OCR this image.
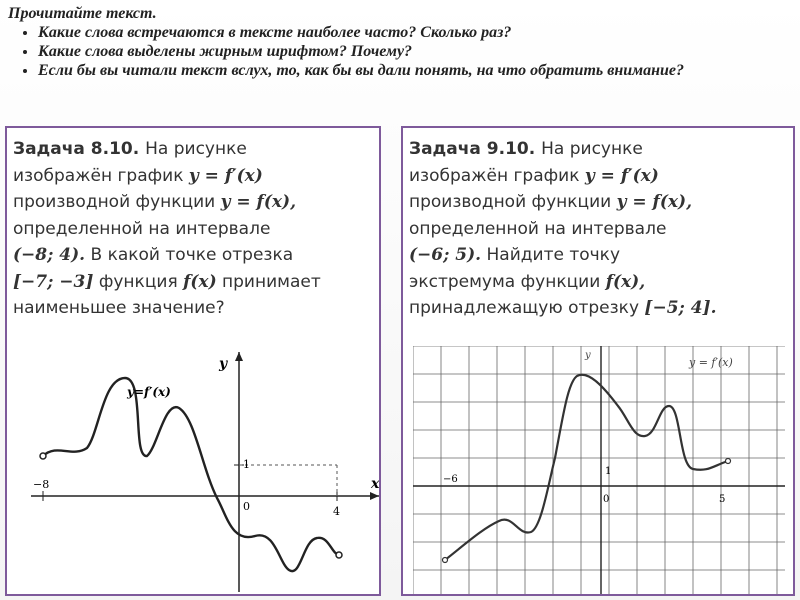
Прочитайте текст.
• Какие слова встречаются в тексте наиболее часто? Сколько раз?
• Какие слова выделены жирным шрифтом? Почему?
• Если бы вы читали текст вслух, то, как бы вы дали понять, на что обратить внимание?
Задача 8.10. На рисунке
изображён график y = f′(x)
производной функции y = f(x),
определенной на интервале
(−8; 4). В какой точке отрезка
[−7; −3] функция f(x) принимает
наименьшее значение?
y=f′(x)
x
y
−8
4
1
0
Задача 9.10. На рисунке
изображён график y = f′(x)
производной функции y = f(x),
определенной на интервале
(−6; 5). Найдите точку
экстремума функции f(x),
принадлежащую отрезку [−5; 4].
y = f′(x)
y
−6
5
1
0
